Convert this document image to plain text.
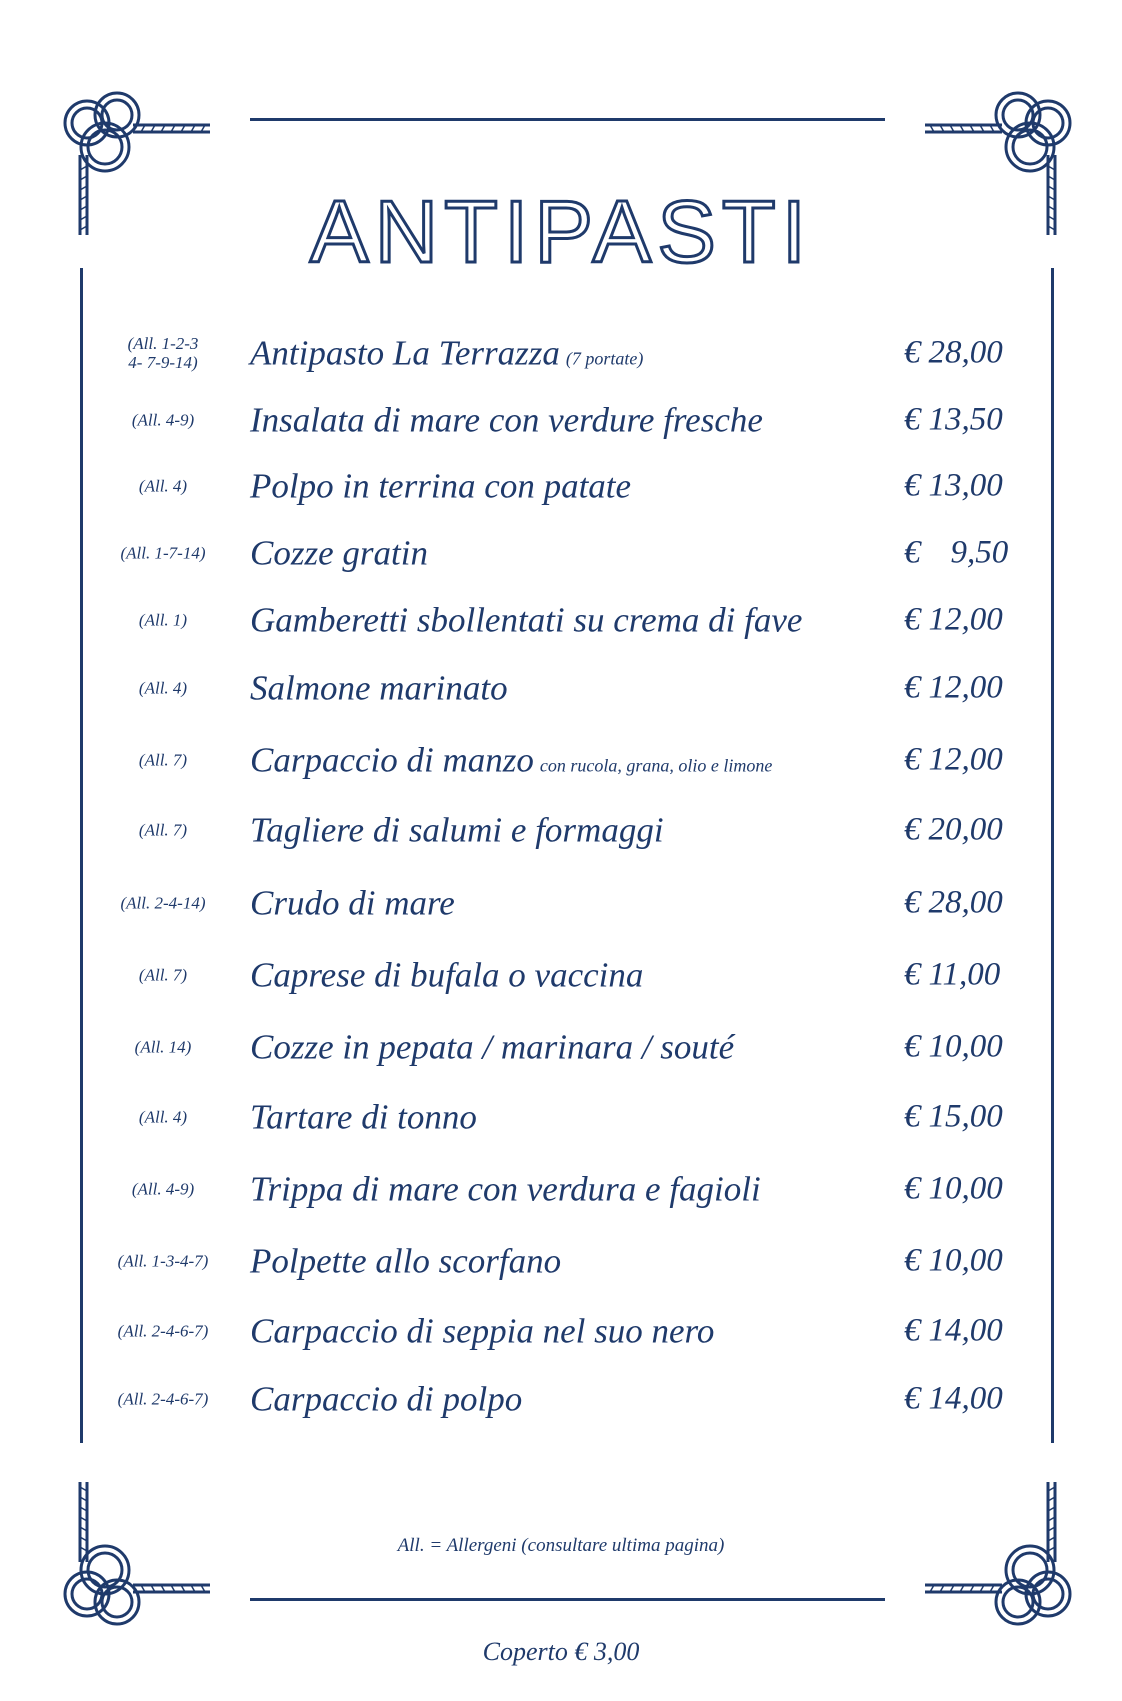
ANTIPASTI
(All. 1-2-3
4- 7-9-14)	Antipasto La Terrazza (7 portate)	€ 28,00
(All. 4-9)	Insalata di mare con verdure fresche	€ 13,50
(All. 4)	Polpo in terrina con patate	€ 13,00
(All. 1-7-14)	Cozze gratin	€ 9,50
(All. 1)	Gamberetti sbollentati su crema di fave	€ 12,00
(All. 4)	Salmone marinato	€ 12,00
(All. 7)	Carpaccio di manzo con rucola, grana, olio e limone	€ 12,00
(All. 7)	Tagliere di salumi e formaggi	€ 20,00
(All. 2-4-14)	Crudo di mare	€ 28,00
(All. 7)	Caprese di bufala o vaccina	€ 11,00
(All. 14)	Cozze in pepata / marinara / souté	€ 10,00
(All. 4)	Tartare di tonno	€ 15,00
(All. 4-9)	Trippa di mare con verdura e fagioli	€ 10,00
(All. 1-3-4-7)	Polpette allo scorfano	€ 10,00
(All. 2-4-6-7)	Carpaccio di seppia nel suo nero	€ 14,00
(All. 2-4-6-7)	Carpaccio di polpo	€ 14,00
All. = Allergeni (consultare ultima pagina)
Coperto € 3,00
